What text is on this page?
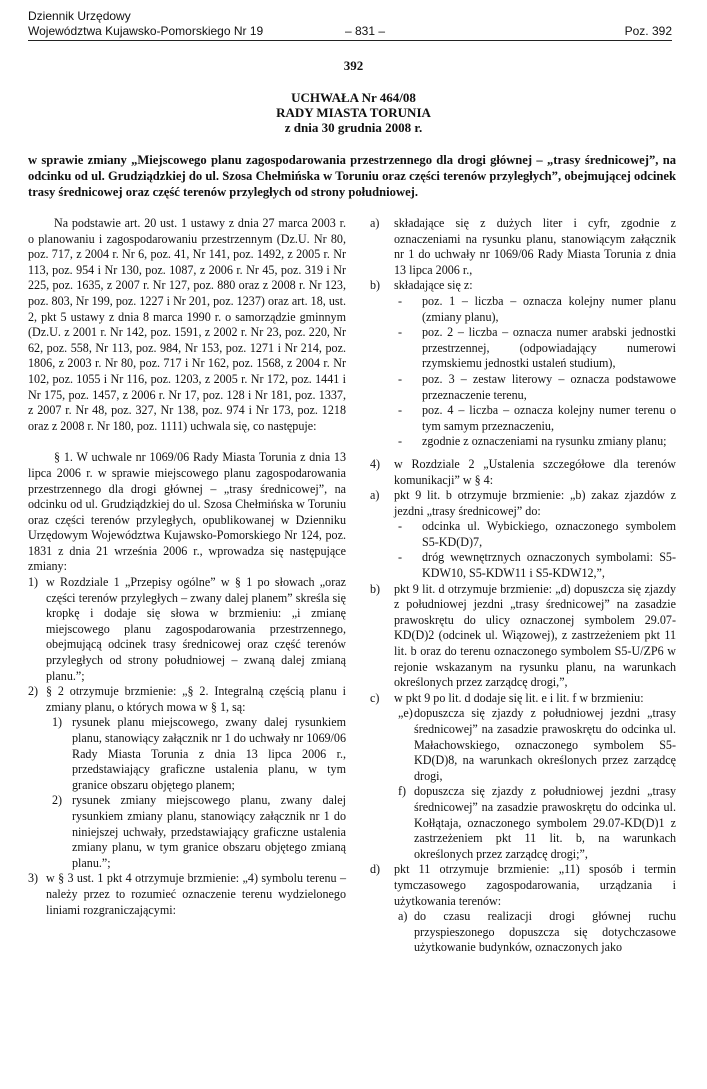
Dziennik Urzędowy
Województwa Kujawsko-Pomorskiego Nr 19	– 831 –	Poz. 392
392
UCHWAŁA Nr 464/08
RADY MIASTA TORUNIA
z dnia 30 grudnia 2008 r.
w sprawie zmiany „Miejscowego planu zagospodarowania przestrzennego dla drogi głównej – „trasy średnicowej”, na odcinku od ul. Grudziądzkiej do ul. Szosa Chełmińska w Toruniu oraz części terenów przyległych”, obejmującej odcinek trasy średnicowej oraz część terenów przyległych od strony południowej.

Na podstawie art. 20 ust. 1 ustawy z dnia 27 marca 2003 r. o planowaniu i zagospodarowaniu przestrzennym (Dz.U. Nr 80, poz. 717, z 2004 r. Nr 6, poz. 41, Nr 141, poz. 1492, z 2005 r. Nr 113, poz. 954 i Nr 130, poz. 1087, z 2006 r. Nr 45, poz. 319 i Nr 225, poz. 1635, z 2007 r. Nr 127, poz. 880 oraz z 2008 r. Nr 123, poz. 803, Nr 199, poz. 1227 i Nr 201, poz. 1237) oraz art. 18, ust. 2, pkt 5 ustawy z dnia 8 marca 1990 r. o samorządzie gminnym (Dz.U. z 2001 r. Nr 142, poz. 1591, z 2002 r. Nr 23, poz. 220, Nr 62, poz. 558, Nr 113, poz. 984, Nr 153, poz. 1271 i Nr 214, poz. 1806, z 2003 r. Nr 80, poz. 717 i Nr 162, poz. 1568, z 2004 r. Nr 102, poz. 1055 i Nr 116, poz. 1203, z 2005 r. Nr 172, poz. 1441 i Nr 175, poz. 1457, z 2006 r. Nr 17, poz. 128 i Nr 181, poz. 1337, z 2007 r. Nr 48, poz. 327, Nr 138, poz. 974 i Nr 173, poz. 1218 oraz z 2008 r. Nr 180, poz. 1111) uchwala się, co następuje:

§ 1. W uchwale nr 1069/06 Rady Miasta Torunia z dnia 13 lipca 2006 r. w sprawie miejscowego planu zagospodarowania przestrzennego dla drogi głównej – „trasy średnicowej”, na odcinku od ul. Grudziądzkiej do ul. Szosa Chełmińska w Toruniu oraz części terenów przyległych, opublikowanej w Dzienniku Urzędowym Województwa Kujawsko-Pomorskiego Nr 124, poz. 1831 z dnia 21 września 2006 r., wprowadza się następujące zmiany:

1) w Rozdziale 1 „Przepisy ogólne” w § 1 po słowach „oraz części terenów przyległych – zwany dalej planem” skreśla się kropkę i dodaje się słowa w brzmieniu: „i zmianę miejscowego planu zagospodarowania przestrzennego, obejmującą odcinek trasy średnicowej oraz część terenów przyległych od strony południowej – zwaną dalej zmianą planu.”;
2) § 2 otrzymuje brzmienie: „§ 2. Integralną częścią planu i zmiany planu, o których mowa w § 1, są:
1) rysunek planu miejscowego, zwany dalej rysunkiem planu, stanowiący załącznik nr 1 do uchwały nr 1069/06 Rady Miasta Torunia z dnia 13 lipca 2006 r., przedstawiający graficzne ustalenia planu, w tym granice obszaru objętego planem;
2) rysunek zmiany miejscowego planu, zwany dalej rysunkiem zmiany planu, stanowiący załącznik nr 1 do niniejszej uchwały, przedstawiający graficzne ustalenia zmiany planu, w tym granice obszaru objętego zmianą planu.”;
3) w § 3 ust. 1 pkt 4 otrzymuje brzmienie: „4) symbolu terenu – należy przez to rozumieć oznaczenie terenu wydzielonego liniami rozgraniczającymi:
a) składające się z dużych liter i cyfr, zgodnie z oznaczeniami na rysunku planu, stanowiącym załącznik nr 1 do uchwały nr 1069/06 Rady Miasta Torunia z dnia 13 lipca 2006 r.,
b) składające się z:
- poz. 1 – liczba – oznacza kolejny numer planu (zmiany planu),
- poz. 2 – liczba – oznacza numer arabski jednostki przestrzennej, (odpowiadający numerowi rzymskiemu jednostki ustaleń studium),
- poz. 3 – zestaw literowy – oznacza podstawowe przeznaczenie terenu,
- poz. 4 – liczba – oznacza kolejny numer terenu o tym samym przeznaczeniu,
- zgodnie z oznaczeniami na rysunku zmiany planu;
4) w Rozdziale 2 „Ustalenia szczegółowe dla terenów komunikacji” w § 4:
a) pkt 9 lit. b otrzymuje brzmienie: „b) zakaz zjazdów z jezdni „trasy średnicowej” do:
- odcinka ul. Wybickiego, oznaczonego symbolem S5-KD(D)7,
- dróg wewnętrznych oznaczonych symbolami: S5-KDW10, S5-KDW11 i S5-KDW12,”,
b) pkt 9 lit. d otrzymuje brzmienie: „d) dopuszcza się zjazdy z południowej jezdni „trasy średnicowej” na zasadzie prawoskrętu do ulicy oznaczonej symbolem 29.07-KD(D)2 (odcinek ul. Wiązowej), z zastrzeżeniem pkt 11 lit. b oraz do terenu oznaczonego symbolem S5-U/ZP6 w rejonie wskazanym na rysunku planu, na warunkach określonych przez zarządcę drogi,”,
c) w pkt 9 po lit. d dodaje się lit. e i lit. f w brzmieniu:
„e) dopuszcza się zjazdy z południowej jezdni „trasy średnicowej” na zasadzie prawoskrętu do odcinka ul. Małachowskiego, oznaczonego symbolem S5-KD(D)8, na warunkach określonych przez zarządcę drogi,
f) dopuszcza się zjazdy z południowej jezdni „trasy średnicowej” na zasadzie prawoskrętu do odcinka ul. Kołłątaja, oznaczonego symbolem 29.07-KD(D)1 z zastrzeżeniem pkt 11 lit. b, na warunkach określonych przez zarządcę drogi;”,
d) pkt 11 otrzymuje brzmienie: „11) sposób i termin tymczasowego zagospodarowania, urządzania i użytkowania terenów:
a) do czasu realizacji drogi głównej ruchu przyspieszonego dopuszcza się dotychczasowe użytkowanie budynków, oznaczonych jako
